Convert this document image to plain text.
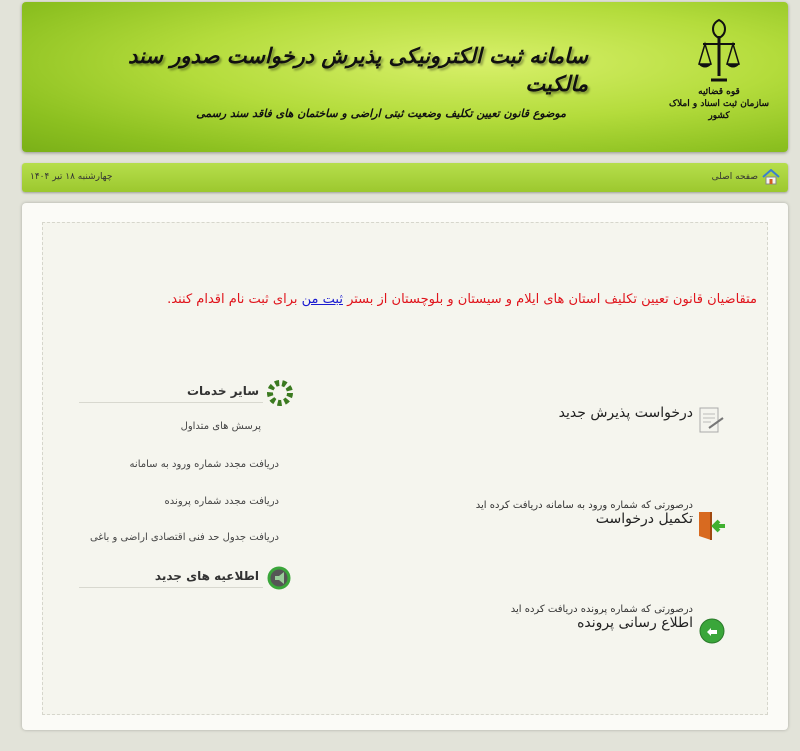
سامانه ثبت الکترونیکی پذیرش درخواست صدور سند مالکیت
موضوع قانون تعیین تکلیف وضعیت ثبتی اراضی و ساختمان های فاقد سند رسمی
قوه قضائیه
سازمان ثبت اسناد و املاک کشور
صفحه اصلی
چهارشنبه ۱۸ تیر ۱۴۰۴
متقاضیان قانون تعیین تکلیف استان های ایلام و سیستان و بلوچستان از بستر ثبت من برای ثبت نام اقدام کنند.
درخواست پذیرش جدید
درصورتی که شماره ورود به سامانه دریافت کرده اید
تکمیل درخواست
درصورتی که شماره پرونده دریافت کرده اید
اطلاع رسانی پرونده
سایر خدمات
پرسش های متداول
دریافت مجدد شماره ورود به سامانه
دریافت مجدد شماره پرونده
دریافت جدول حد فنی اقتصادی اراضی و باغی
اطلاعیه های جدید
